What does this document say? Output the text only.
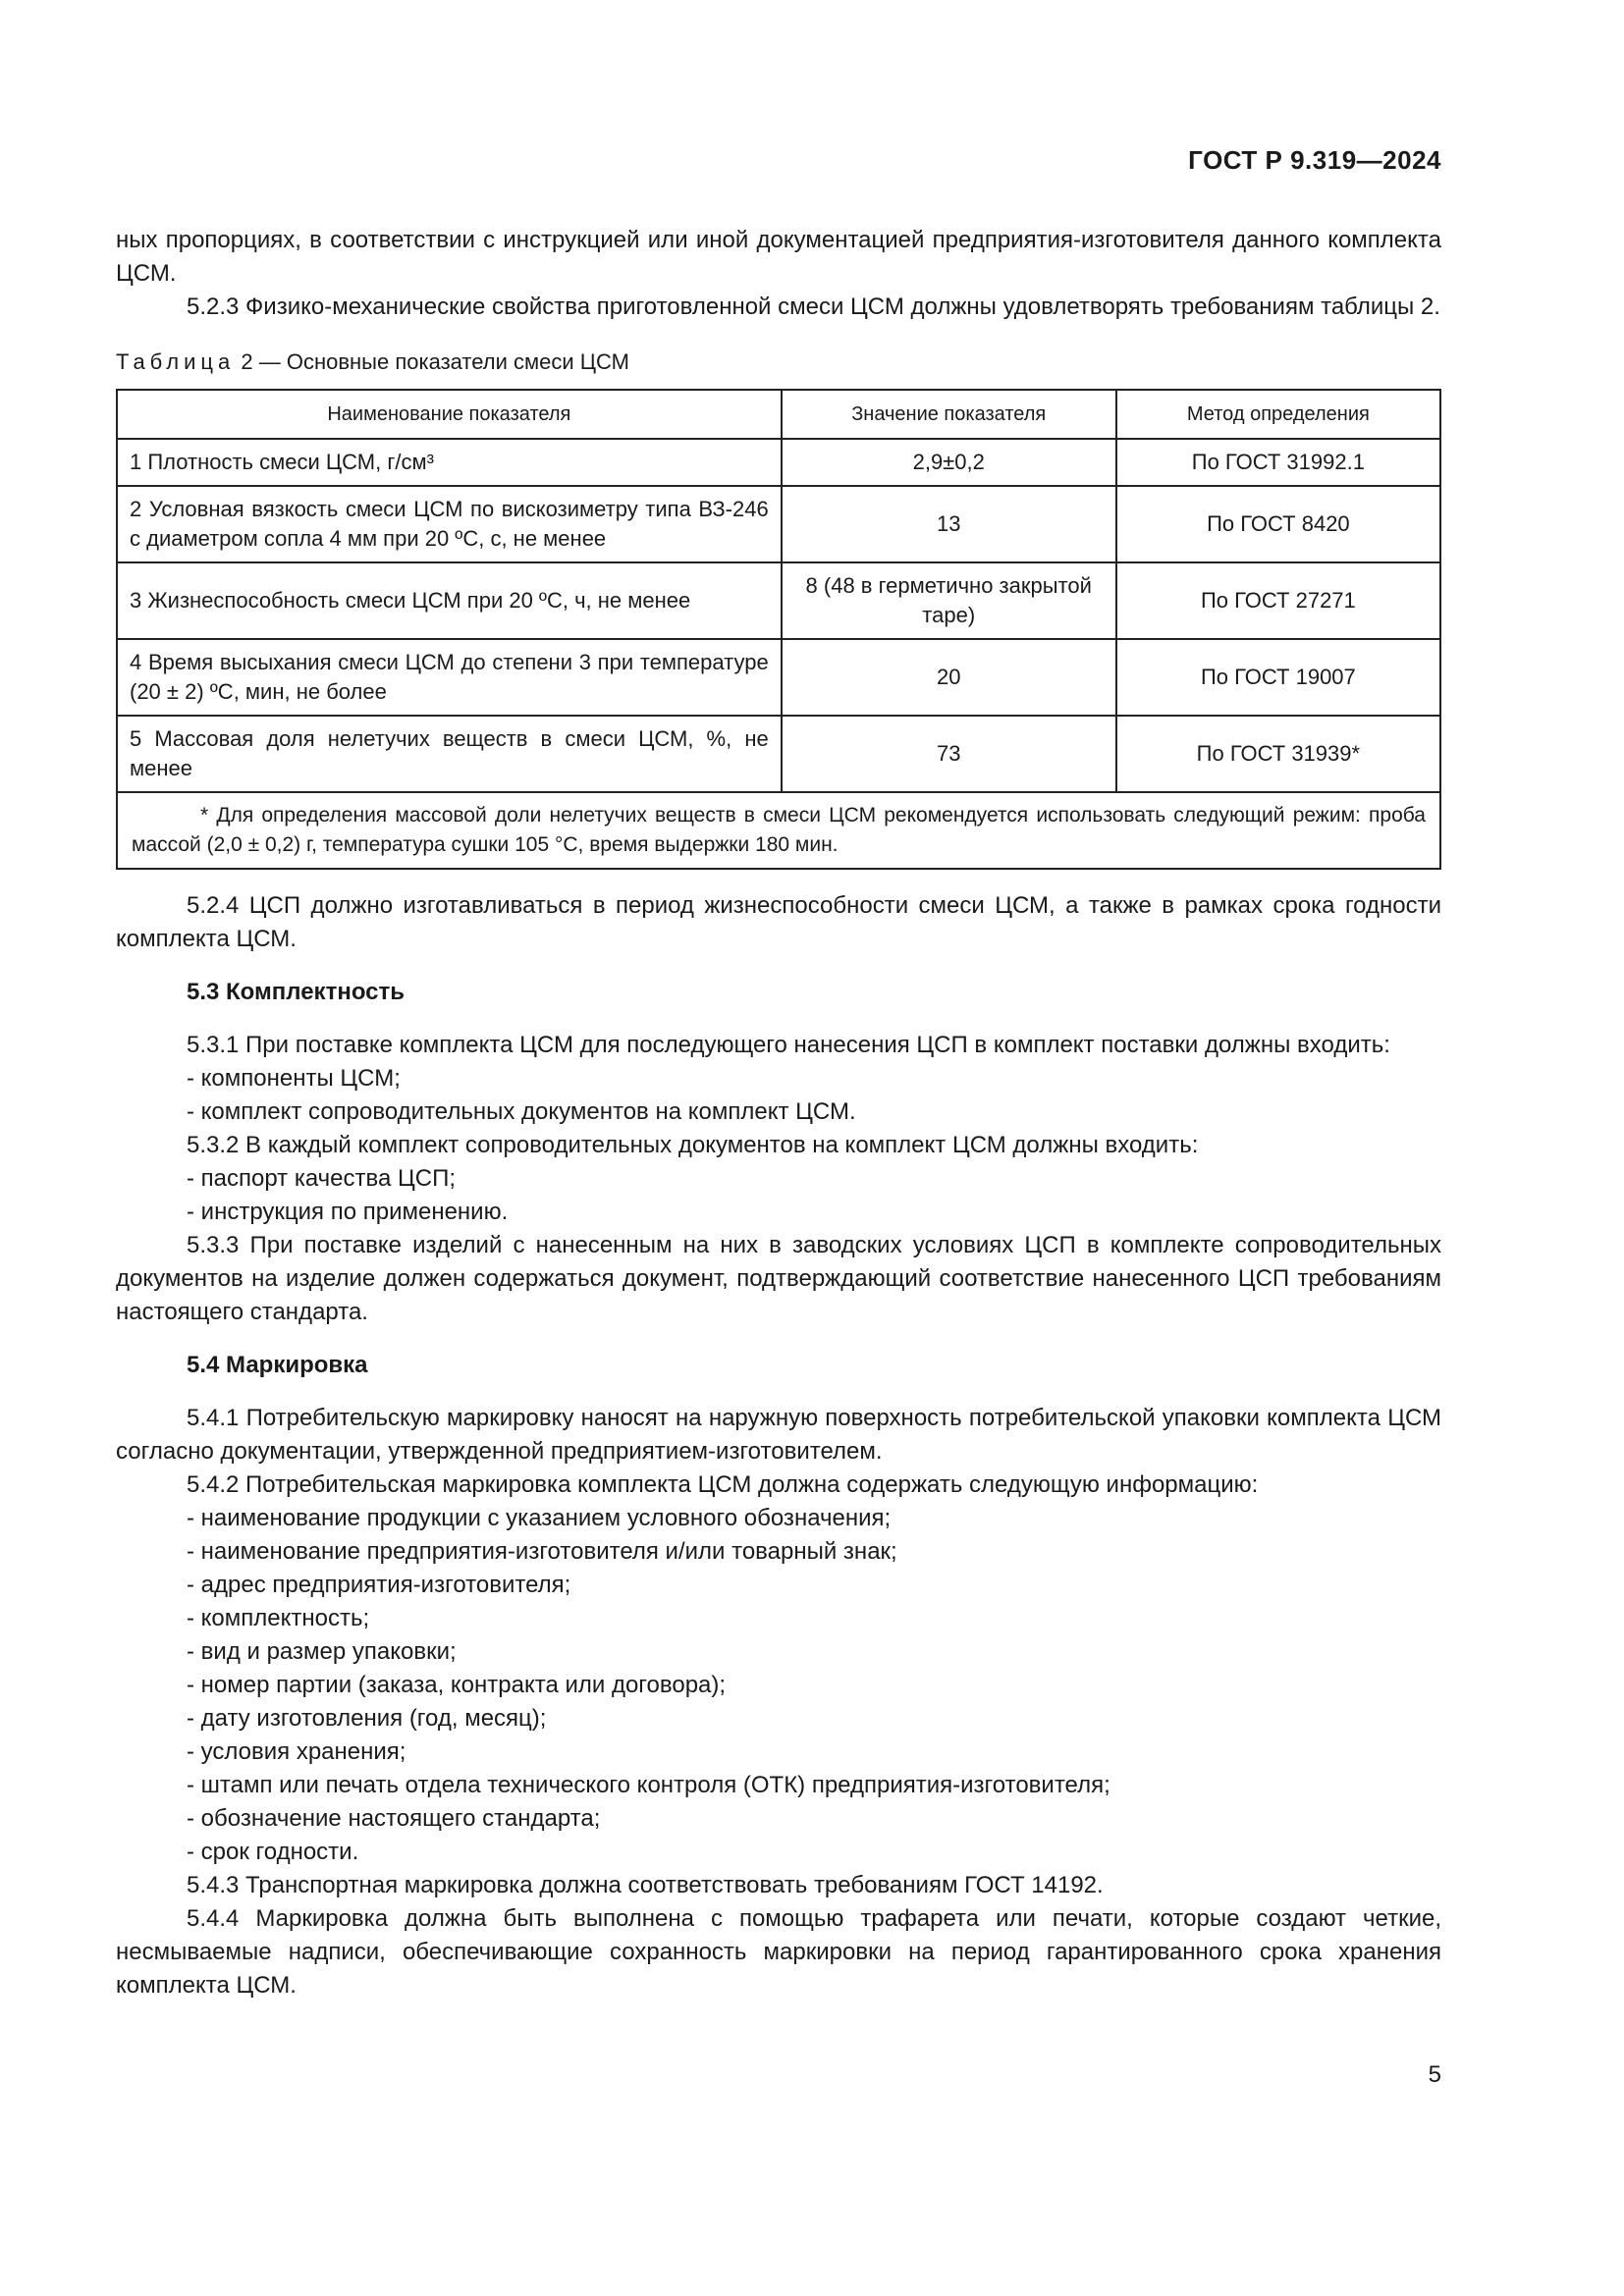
ГОСТ Р 9.319—2024

ных пропорциях, в соответствии с инструкцией или иной документацией предприятия-изготовителя данного комплекта ЦСМ.

5.2.3 Физико-механические свойства приготовленной смеси ЦСМ должны удовлетворять требованиям таблицы 2.

Таблица 2 — Основные показатели смеси ЦСМ
Наименование показателя	Значение показателя	Метод определения
1 Плотность смеси ЦСМ, г/см³	2,9±0,2	По ГОСТ 31992.1
2 Условная вязкость смеси ЦСМ по вискозиметру типа ВЗ-246 с диаметром сопла 4 мм при 20 ºС, с, не менее	13	По ГОСТ 8420
3 Жизнеспособность смеси ЦСМ при 20 ºС, ч, не менее	8 (48 в герметично закрытой таре)	По ГОСТ 27271
4 Время высыхания смеси ЦСМ до степени 3 при температуре (20 ± 2) ºС, мин, не более	20	По ГОСТ 19007
5 Массовая доля нелетучих веществ в смеси ЦСМ, %, не менее	73	По ГОСТ 31939*

* Для определения массовой доли нелетучих веществ в смеси ЦСМ рекомендуется использовать следующий режим: проба массой (2,0 ± 0,2) г, температура сушки 105 °С, время выдержки 180 мин.		

5.2.4 ЦСП должно изготавливаться в период жизнеспособности смеси ЦСМ, а также в рамках срока годности комплекта ЦСМ.

5.3 Комплектность

5.3.1 При поставке комплекта ЦСМ для последующего нанесения ЦСП в комплект поставки должны входить:

- компоненты ЦСМ;

- комплект сопроводительных документов на комплект ЦСМ.

5.3.2 В каждый комплект сопроводительных документов на комплект ЦСМ должны входить:

- паспорт качества ЦСП;

- инструкция по применению.

5.3.3 При поставке изделий с нанесенным на них в заводских условиях ЦСП в комплекте сопроводительных документов на изделие должен содержаться документ, подтверждающий соответствие нанесенного ЦСП требованиям настоящего стандарта.

5.4 Маркировка

5.4.1 Потребительскую маркировку наносят на наружную поверхность потребительской упаковки комплекта ЦСМ согласно документации, утвержденной предприятием-изготовителем.

5.4.2 Потребительская маркировка комплекта ЦСМ должна содержать следующую информацию:

- наименование продукции с указанием условного обозначения;

- наименование предприятия-изготовителя и/или товарный знак;

- адрес предприятия-изготовителя;

- комплектность;

- вид и размер упаковки;

- номер партии (заказа, контракта или договора);

- дату изготовления (год, месяц);

- условия хранения;

- штамп или печать отдела технического контроля (ОТК) предприятия-изготовителя;

- обозначение настоящего стандарта;

- срок годности.

5.4.3 Транспортная маркировка должна соответствовать требованиям ГОСТ 14192.

5.4.4 Маркировка должна быть выполнена с помощью трафарета или печати, которые создают четкие, несмываемые надписи, обеспечивающие сохранность маркировки на период гарантированного срока хранения комплекта ЦСМ.

5
